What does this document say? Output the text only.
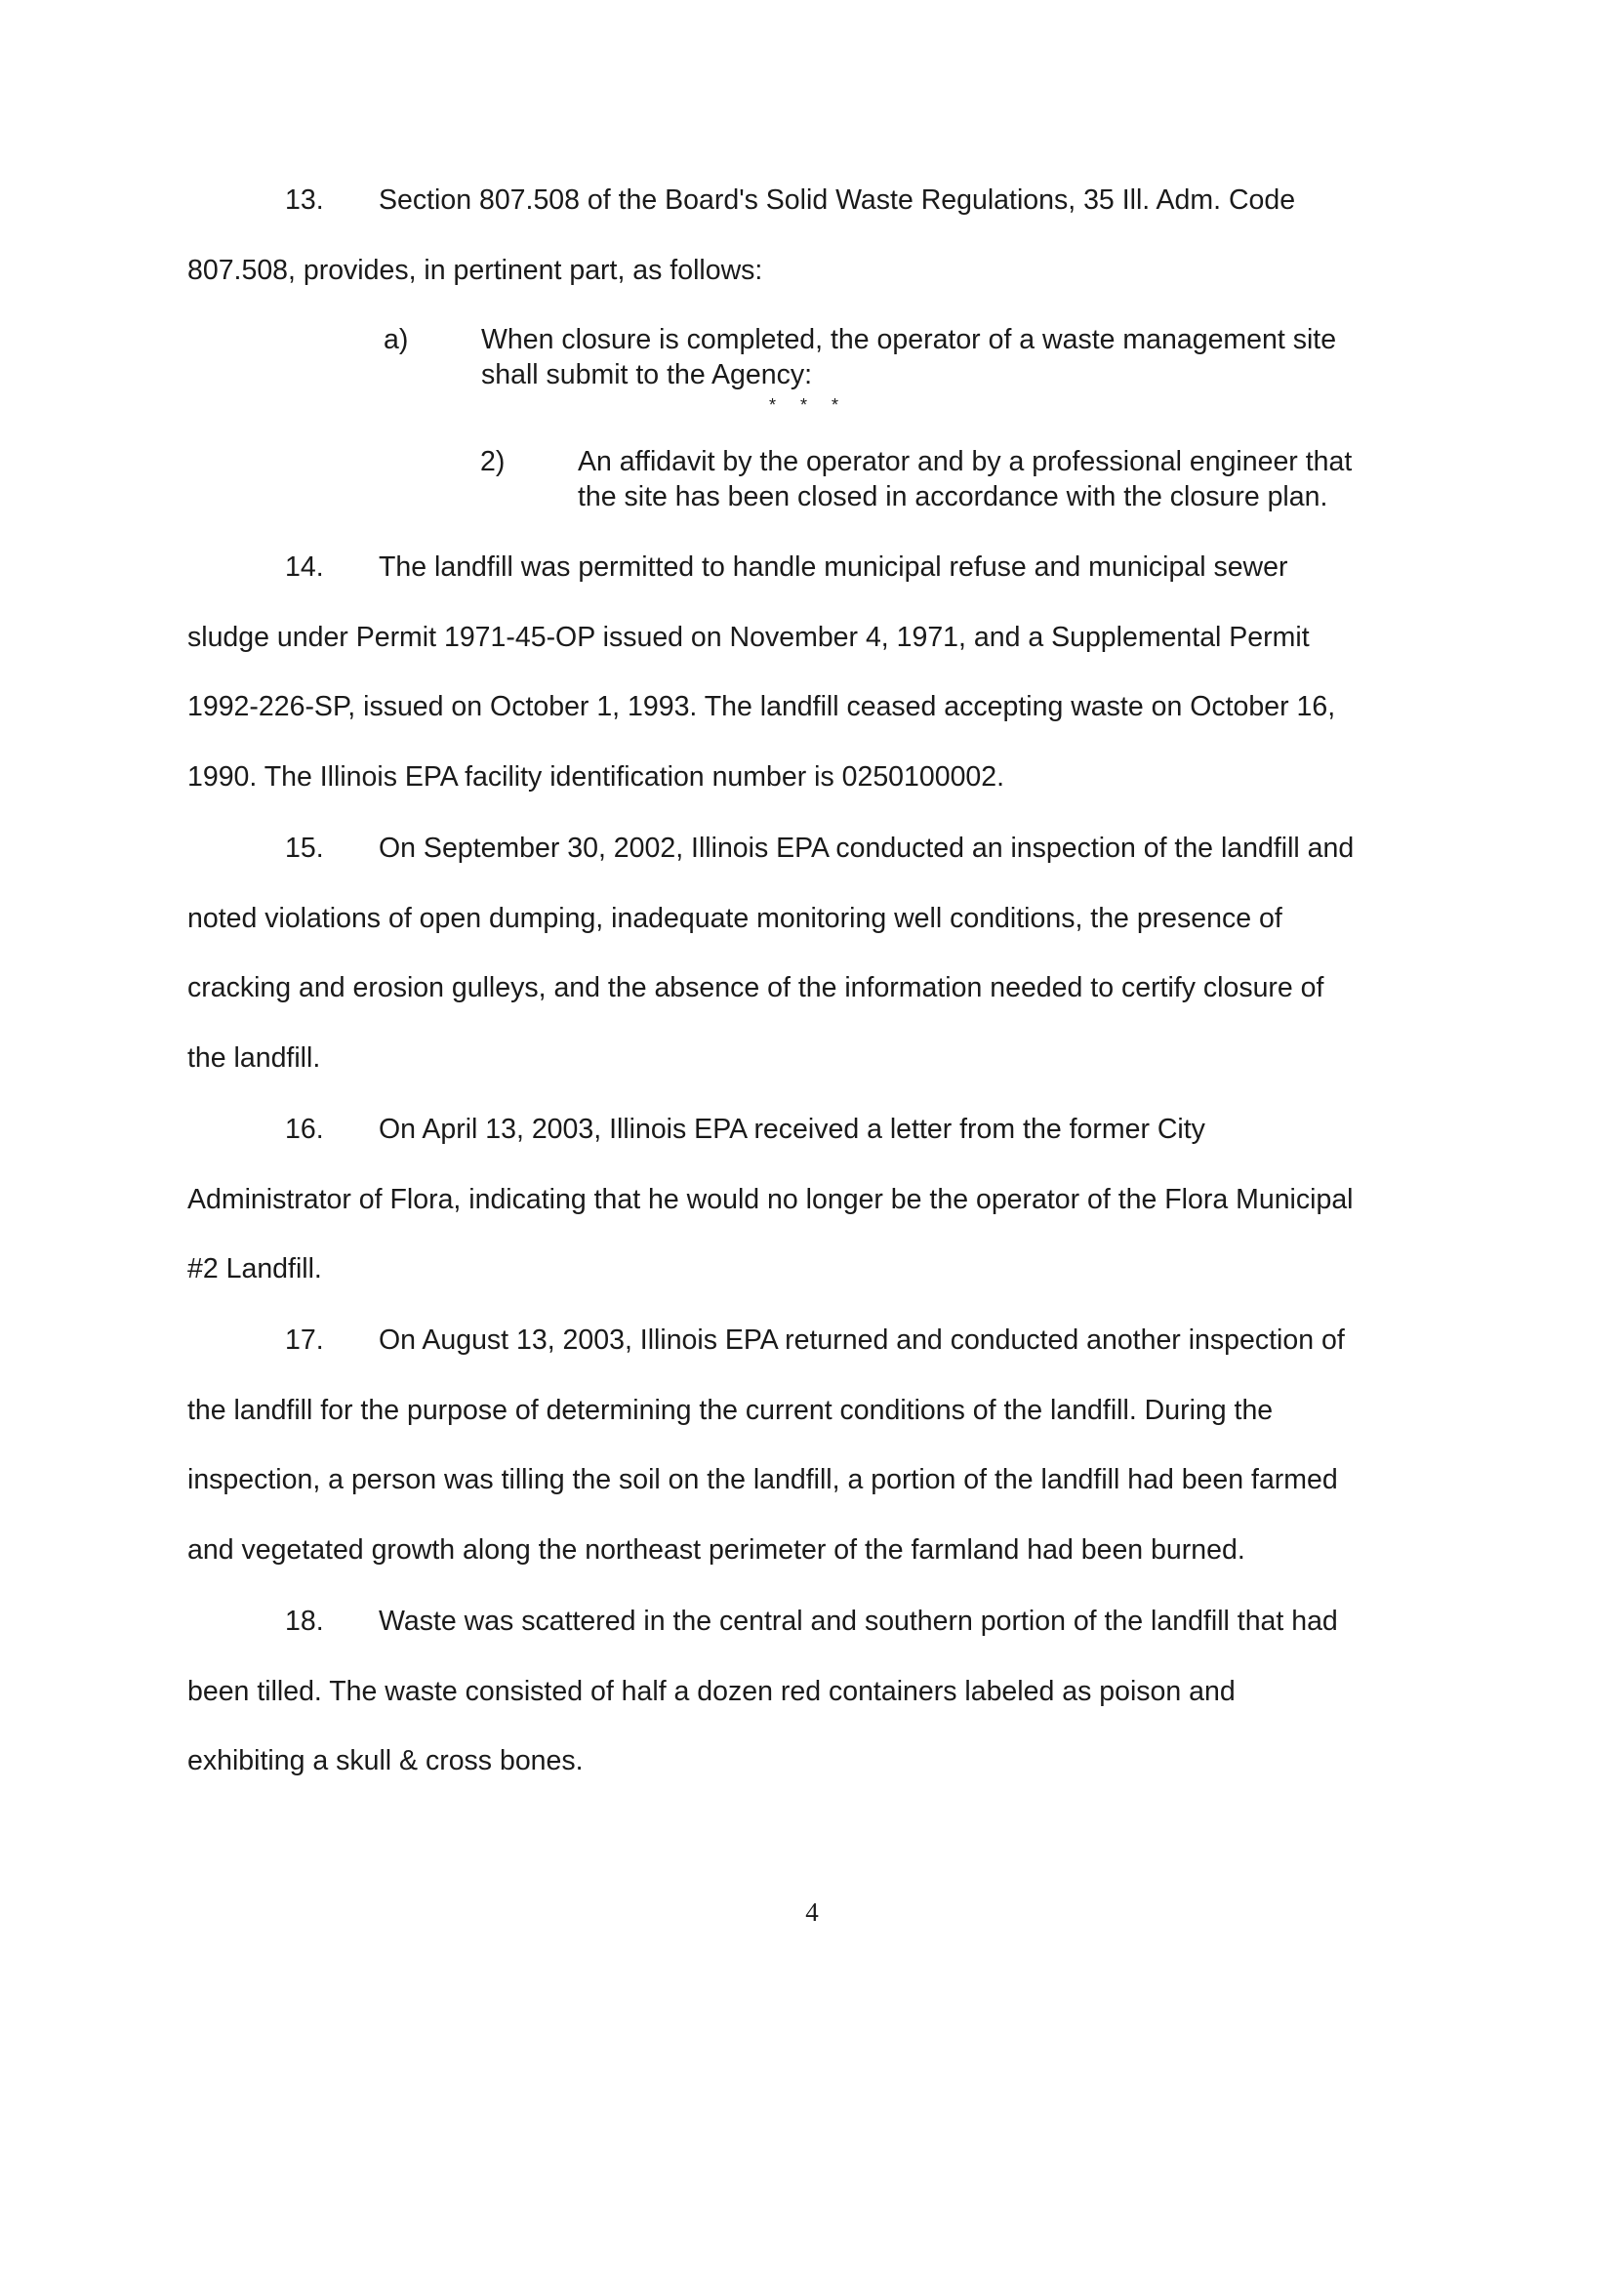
13. Section 807.508 of the Board's Solid Waste Regulations, 35 Ill. Adm. Code
807.508, provides, in pertinent part, as follows:
a)	When closure is completed, the operator of a waste management site
shall submit to the Agency:
* * *
2)	An affidavit by the operator and by a professional engineer that
the site has been closed in accordance with the closure plan.
14. The landfill was permitted to handle municipal refuse and municipal sewer
sludge under Permit 1971-45-OP issued on November 4, 1971, and a Supplemental Permit
1992-226-SP, issued on October 1, 1993. The landfill ceased accepting waste on October 16,
1990. The Illinois EPA facility identification number is 0250100002.
15. On September 30, 2002, Illinois EPA conducted an inspection of the landfill and
noted violations of open dumping, inadequate monitoring well conditions, the presence of
cracking and erosion gulleys, and the absence of the information needed to certify closure of
the landfill.
16. On April 13, 2003, Illinois EPA received a letter from the former City
Administrator of Flora, indicating that he would no longer be the operator of the Flora Municipal
#2 Landfill.
17. On August 13, 2003, Illinois EPA returned and conducted another inspection of
the landfill for the purpose of determining the current conditions of the landfill. During the
inspection, a person was tilling the soil on the landfill, a portion of the landfill had been farmed
and vegetated growth along the northeast perimeter of the farmland had been burned.
18. Waste was scattered in the central and southern portion of the landfill that had
been tilled. The waste consisted of half a dozen red containers labeled as poison and
exhibiting a skull & cross bones.
4
